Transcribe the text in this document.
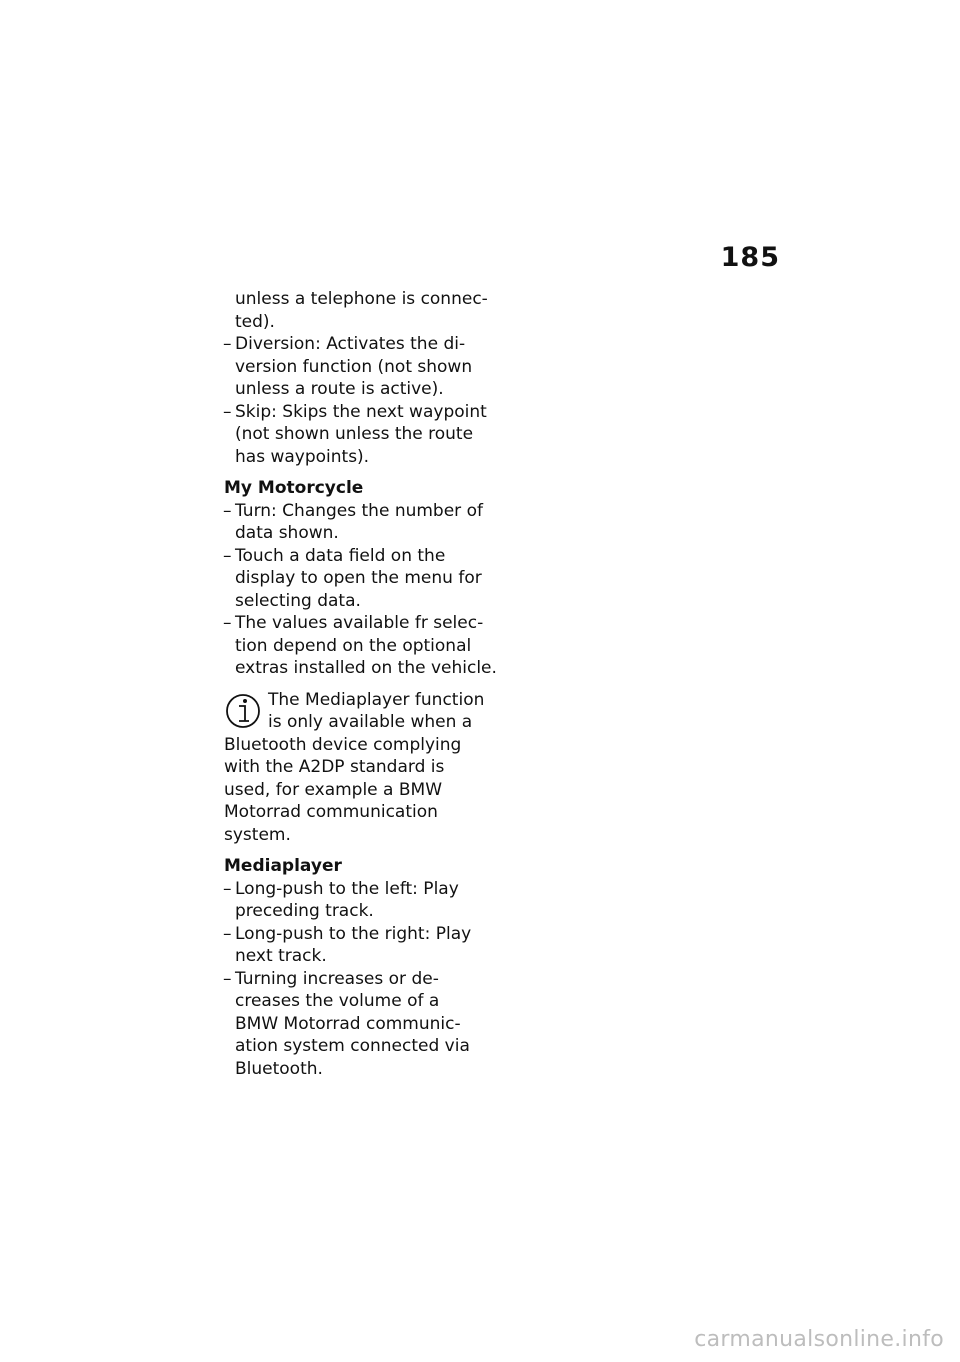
185

unless a telephone is connec-ted).

– Diversion: Activates the di-version function (not shown unless a route is active).

– Skip: Skips the next waypoint (not shown unless the route has waypoints).

My Motorcycle

– Turn: Changes the number of data shown.

– Touch a data field on the display to open the menu for selecting data.

– The values available fr selec-tion depend on the optional extras installed on the vehicle.

The Mediaplayer function is only available when a Bluetooth device complying with the A2DP standard is used, for example a BMW Motorrad communication system.

Mediaplayer

– Long-push to the left: Play preceding track.

– Long-push to the right: Play next track.

– Turning increases or de-creases the volume of a BMW Motorrad communic-ation system connected via Bluetooth.

carmanualsonline.info
